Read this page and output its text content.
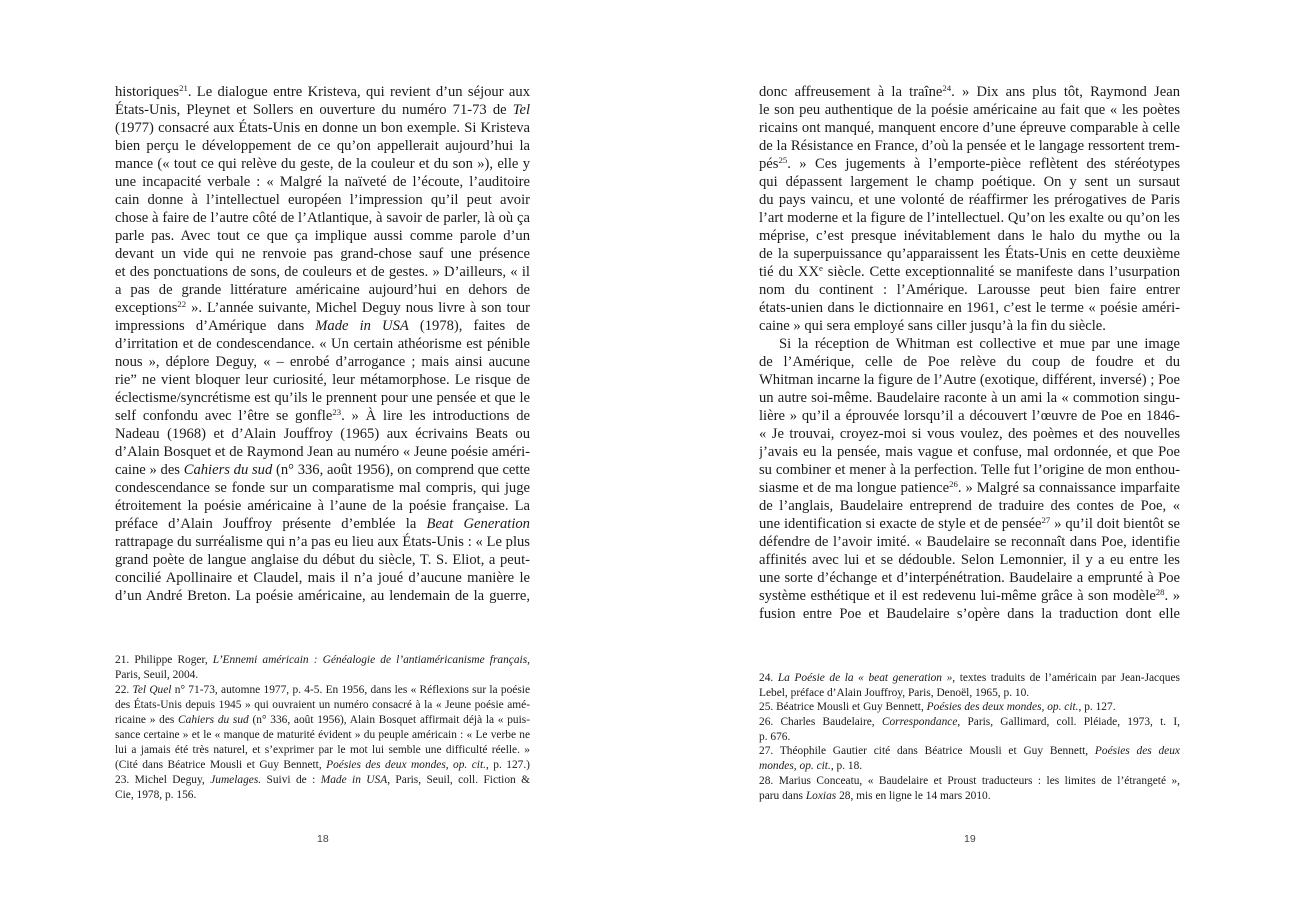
historiques$^{21}$. Le dialogue entre Kristeva, qui revient d’un séjour aux
États-Unis, Pleynet et Sollers en ouverture du numéro 71-73 de Tel
(1977) consacré aux États-Unis en donne un bon exemple. Si Kristeva
bien perçu le développement de ce qu’on appellerait aujourd’hui la
mance (« tout ce qui relève du geste, de la couleur et du son »), elle y
une incapacité verbale : « Malgré la naïveté de l’écoute, l’auditoire
cain donne à l’intellectuel européen l’impression qu’il peut avoir
chose à faire de l’autre côté de l’Atlantique, à savoir de parler, là où ça
parle pas. Avec tout ce que ça implique aussi comme parole d’un
devant un vide qui ne renvoie pas grand-chose sauf une présence
et des ponctuations de sons, de couleurs et de gestes. » D’ailleurs, « il
a pas de grande littérature américaine aujourd’hui en dehors de
exceptions$^{22}$ ». L’année suivante, Michel Deguy nous livre à son tour
impressions d’Amérique dans Made in USA (1978), faites de
d’irritation et de condescendance. « Un certain athéorisme est pénible
nous », déplore Deguy, « – enrobé d’arrogance ; mais ainsi aucune
rie” ne vient bloquer leur curiosité, leur métamorphose. Le risque de
éclectisme/syncrétisme est qu’ils le prennent pour une pensée et que le
self confondu avec l’être se gonfle$^{23}$. » À lire les introductions de
Nadeau (1968) et d’Alain Jouffroy (1965) aux écrivains Beats ou
d’Alain Bosquet et de Raymond Jean au numéro « Jeune poésie améri-
caine » des Cahiers du sud (n° 336, août 1956), on comprend que cette
condescendance se fonde sur un comparatisme mal compris, qui juge
étroitement la poésie américaine à l’aune de la poésie française. La
préface d’Alain Jouffroy présente d’emblée la Beat Generation
rattrapage du surréalisme qui n’a pas eu lieu aux États-Unis : « Le plus
grand poète de langue anglaise du début du siècle, T. S. Eliot, a peut-
concilié Apollinaire et Claudel, mais il n’a joué d’aucune manière le
d’un André Breton. La poésie américaine, au lendemain de la guerre,
21. Philippe Roger, L’Ennemi américain : Généalogie de l’antiaméricanisme français,
Paris, Seuil, 2004.
22. Tel Quel n° 71-73, automne 1977, p. 4-5. En 1956, dans les « Réflexions sur la poésie
des États-Unis depuis 1945 » qui ouvraient un numéro consacré à la « Jeune poésie amé-
ricaine » des Cahiers du sud (n° 336, août 1956), Alain Bosquet affirmait déjà la « puis-
sance certaine » et le « manque de maturité évident » du peuple américain : « Le verbe ne
lui a jamais été très naturel, et s’exprimer par le mot lui semble une difficulté réelle. »
(Cité dans Béatrice Mousli et Guy Bennett, Poésies des deux mondes, op. cit., p. 127.)
23. Michel Deguy, Jumelages. Suivi de : Made in USA, Paris, Seuil, coll. Fiction &
Cie, 1978, p. 156.
18
donc affreusement à la traîne$^{24}$. » Dix ans plus tôt, Raymond Jean
le son peu authentique de la poésie américaine au fait que « les poètes
ricains ont manqué, manquent encore d’une épreuve comparable à celle
de la Résistance en France, d’où la pensée et le langage ressortent trem-
pés$^{25}$. » Ces jugements à l’emporte-pièce reflètent des stéréotypes
qui dépassent largement le champ poétique. On y sent un sursaut
du pays vaincu, et une volonté de réaffirmer les prérogatives de Paris
l’art moderne et la figure de l’intellectuel. Qu’on les exalte ou qu’on les
méprise, c’est presque inévitablement dans le halo du mythe ou la
de la superpuissance qu’apparaissent les États-Unis en cette deuxième
tié du XXe siècle. Cette exceptionnalité se manifeste dans l’usurpation
nom du continent : l’Amérique. Larousse peut bien faire entrer
états-unien dans le dictionnaire en 1961, c’est le terme « poésie améri-
caine » qui sera employé sans ciller jusqu’à la fin du siècle.
Si la réception de Whitman est collective et mue par une image
de l’Amérique, celle de Poe relève du coup de foudre et du
Whitman incarne la figure de l’Autre (exotique, différent, inversé) ; Poe
un autre soi-même. Baudelaire raconte à un ami la « commotion singu-
lière » qu’il a éprouvée lorsqu’il a découvert l’œuvre de Poe en 1846-
« Je trouvai, croyez-moi si vous voulez, des poèmes et des nouvelles
j’avais eu la pensée, mais vague et confuse, mal ordonnée, et que Poe
su combiner et mener à la perfection. Telle fut l’origine de mon enthou-
siasme et de ma longue patience$^{26}$. » Malgré sa connaissance imparfaite
de l’anglais, Baudelaire entreprend de traduire des contes de Poe, «
une identification si exacte de style et de pensée$^{27}$ » qu’il doit bientôt se
défendre de l’avoir imité. « Baudelaire se reconnaît dans Poe, identifie
affinités avec lui et se dédouble. Selon Lemonnier, il y a eu entre les
une sorte d’échange et d’interpénétration. Baudelaire a emprunté à Poe
système esthétique et il est redevenu lui-même grâce à son modèle$^{28}$. »
fusion entre Poe et Baudelaire s’opère dans la traduction dont elle
24. La Poésie de la « beat generation », textes traduits de l’américain par Jean-Jacques
Lebel, préface d’Alain Jouffroy, Paris, Denoël, 1965, p. 10.
25. Béatrice Mousli et Guy Bennett, Poésies des deux mondes, op. cit., p. 127.
26. Charles Baudelaire, Correspondance, Paris, Gallimard, coll. Pléiade, 1973, t. I,
p. 676.
27. Théophile Gautier cité dans Béatrice Mousli et Guy Bennett, Poésies des deux
mondes, op. cit., p. 18.
28. Marius Conceatu, « Baudelaire et Proust traducteurs : les limites de l’étrangeté »,
paru dans Loxias 28, mis en ligne le 14 mars 2010.
19
